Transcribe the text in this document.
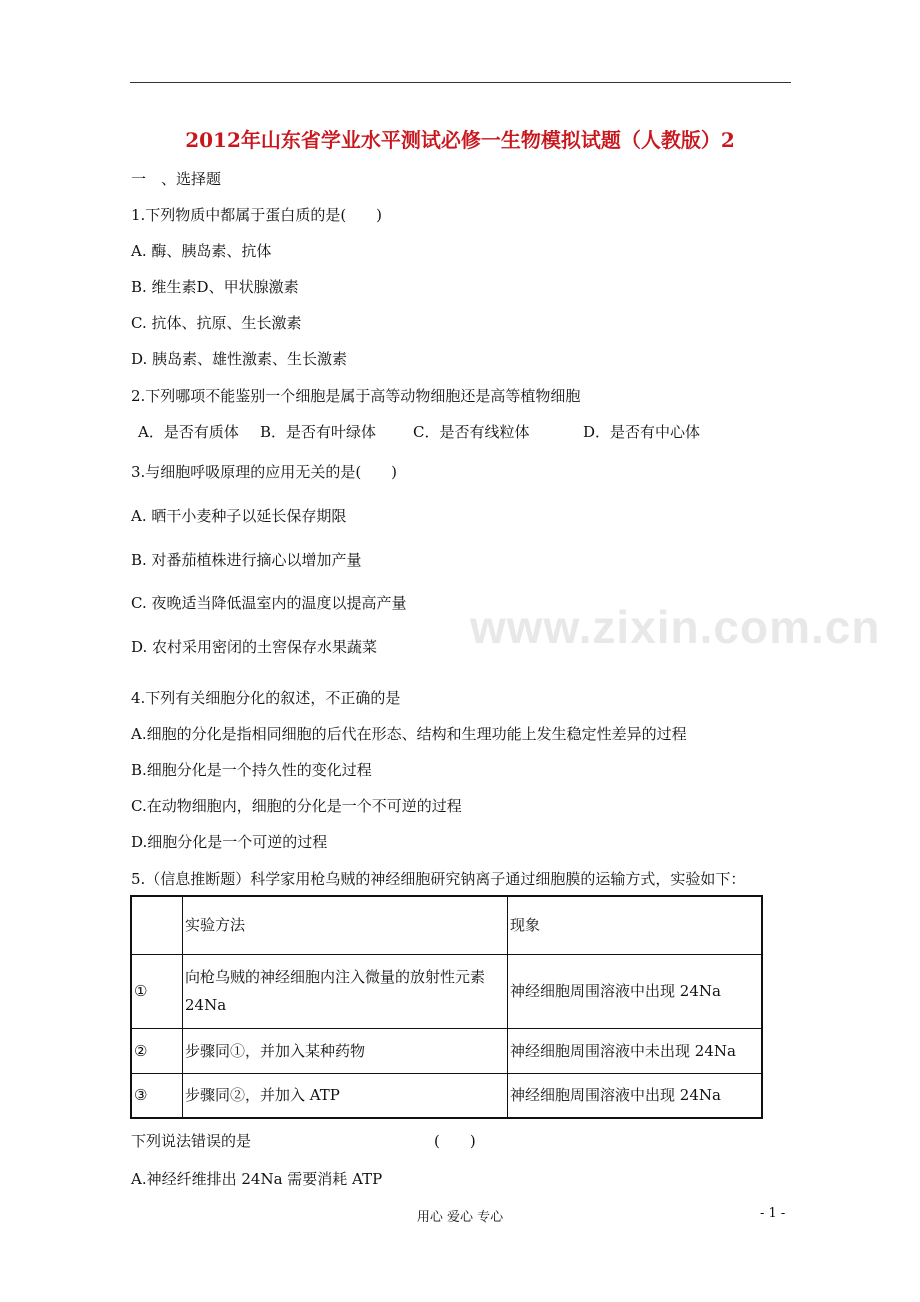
2012年山东省学业水平测试必修一生物模拟试题（人教版）2
一　、选择题
1.下列物质中都属于蛋白质的是(　　)
A. 酶、胰岛素、抗体
B. 维生素D、甲状腺激素
C. 抗体、抗原、生长激素
D. 胰岛素、雄性激素、生长激素
2.下列哪项不能鉴别一个细胞是属于高等动物细胞还是高等植物细胞
A．是否有质体 B．是否有叶绿体 C．是否有线粒体	D．是否有中心体
3.与细胞呼吸原理的应用无关的是(　　)
A. 晒干小麦种子以延长保存期限
B. 对番茄植株进行摘心以增加产量
C. 夜晚适当降低温室内的温度以提高产量
D. 农村采用密闭的土窖保存水果蔬菜 www.zixin.com.cn
4.下列有关细胞分化的叙述，不正确的是
A.细胞的分化是指相同细胞的后代在形态、结构和生理功能上发生稳定性差异的过程
B.细胞分化是一个持久性的变化过程
C.在动物细胞内，细胞的分化是一个不可逆的过程
D.细胞分化是一个可逆的过程
5.（信息推断题）科学家用枪乌贼的神经细胞研究钠离子通过细胞膜的运输方式，实验如下：
	实验方法	现象
①	向枪乌贼的神经细胞内注入微量的放射性元素 24Na	神经细胞周围溶液中出现 24Na
②	步骤同①，并加入某种药物	神经细胞周围溶液中未出现 24Na
③	步骤同②，并加入 ATP	神经细胞周围溶液中出现 24Na
下列说法错误的是	(　　)
A.神经纤维排出 24Na 需要消耗 ATP
用心 爱心 专心	- 1 -
